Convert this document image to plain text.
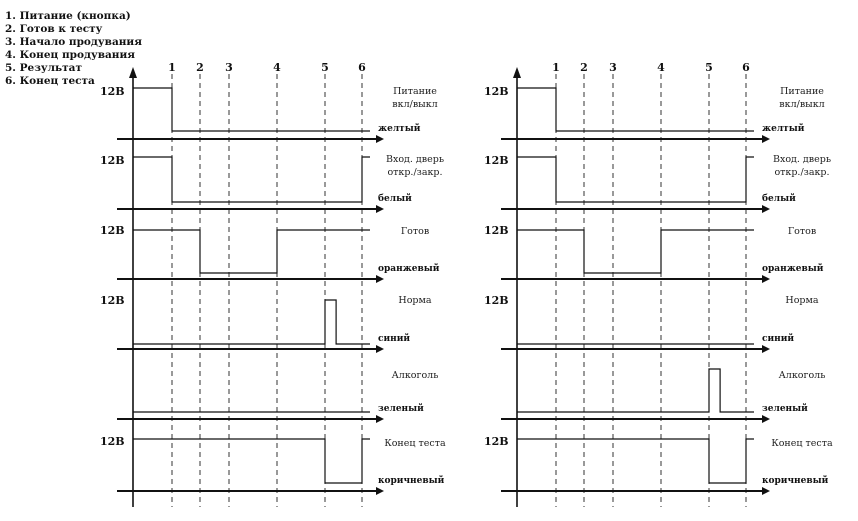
1. Питание (кнопка)
2. Готов к тесту
3. Начало продувания
4. Конец продувания
5. Результат
6. Конец теста
1 2 3	4	5	6
желтый
12В	Питание
вкл/выкл
белый
12В	Вход. дверь
откр./закр.
оранжевый
12В	Готов
синий
12В	Норма
зеленый
Алкоголь
коричневый
12В	Конец теста
1 2 3	4	5	6
желтый
12В	Питание
вкл/выкл
белый
12В	Вход. дверь
откр./закр.
оранжевый
12В	Готов
синий
12В	Норма
зеленый
Алкоголь
коричневый
12В	Конец теста
